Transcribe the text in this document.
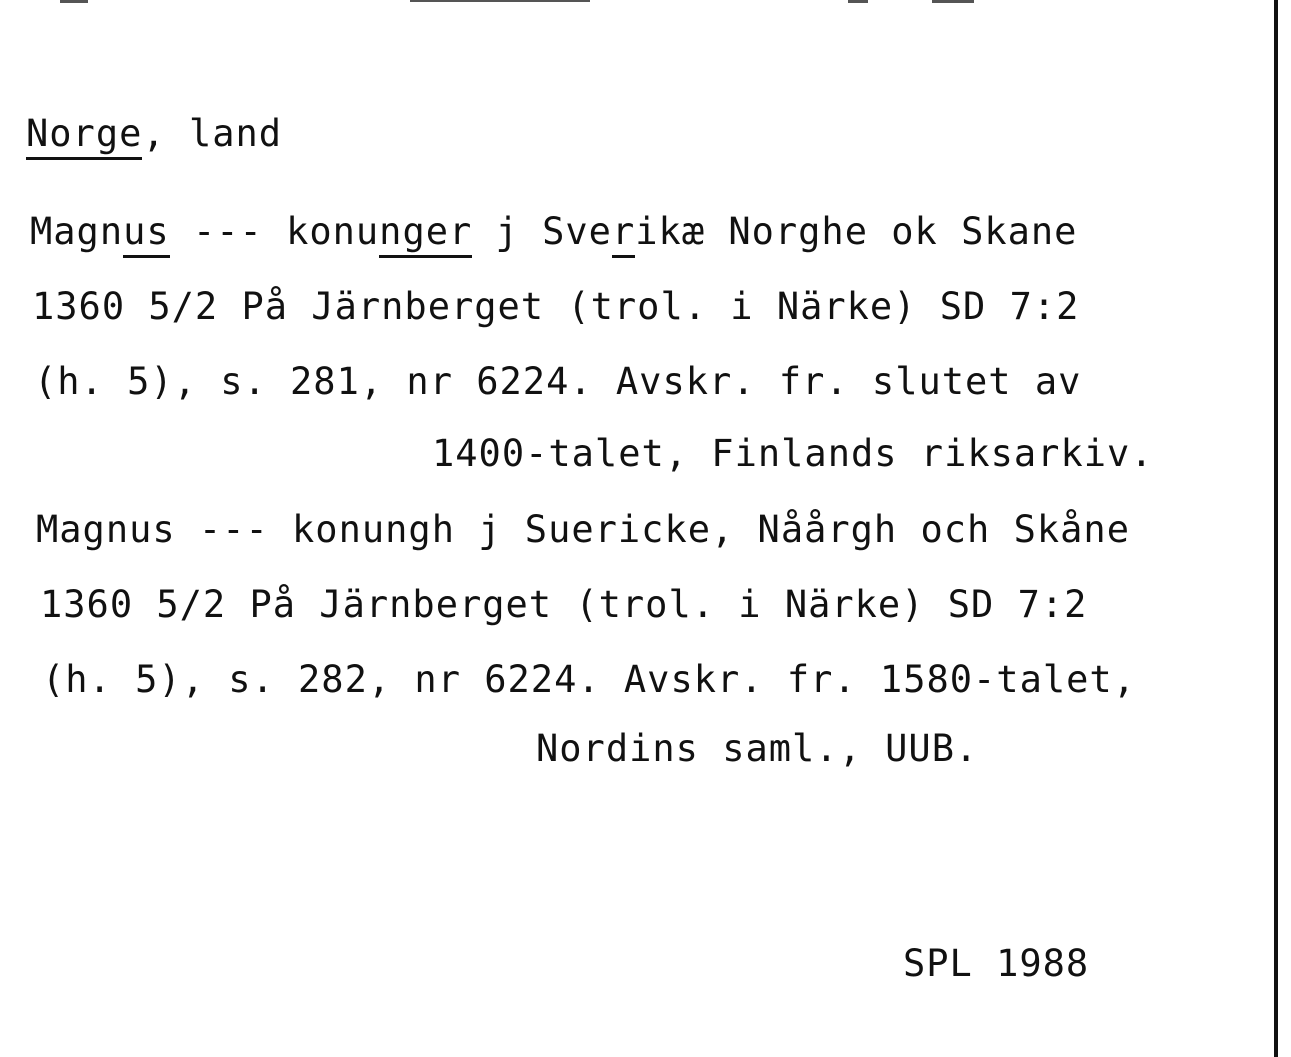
Norge
, land
Magnus
--- konunger
j Sver
ikæ Norghe ok Skane
1360 5/2 På Järnberget (trol. i Närke) SD 7:2
(h. 5), s. 281, nr 6224. Avskr. fr. slutet av
1400-talet, Finlands riksarkiv.
Magnus --- konungh j Suericke, Nåårgh och Skåne
1360 5/2 På Järnberget (trol. i Närke) SD 7:2
(h. 5), s. 282, nr 6224. Avskr. fr. 1580-talet,
Nordins saml., UUB.
SPL 1988
